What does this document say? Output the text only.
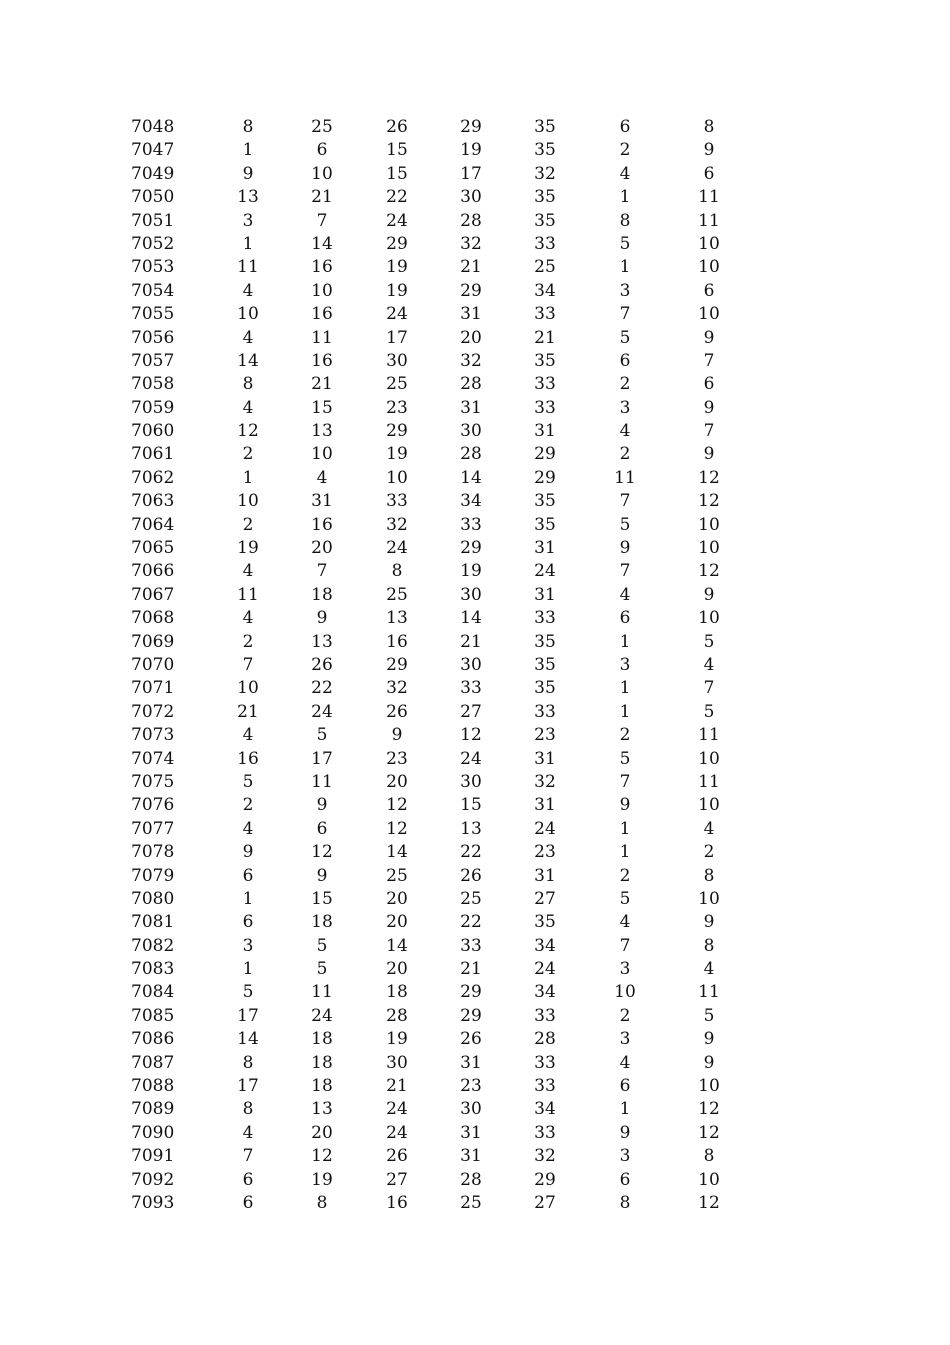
7048	8	25	26	29	35	6	8
7047	1	6	15	19	35	2	9
7049	9	10	15	17	32	4	6
7050	13	21	22	30	35	1	11
7051	3	7	24	28	35	8	11
7052	1	14	29	32	33	5	10
7053	11	16	19	21	25	1	10
7054	4	10	19	29	34	3	6
7055	10	16	24	31	33	7	10
7056	4	11	17	20	21	5	9
7057	14	16	30	32	35	6	7
7058	8	21	25	28	33	2	6
7059	4	15	23	31	33	3	9
7060	12	13	29	30	31	4	7
7061	2	10	19	28	29	2	9
7062	1	4	10	14	29	11	12
7063	10	31	33	34	35	7	12
7064	2	16	32	33	35	5	10
7065	19	20	24	29	31	9	10
7066	4	7	8	19	24	7	12
7067	11	18	25	30	31	4	9
7068	4	9	13	14	33	6	10
7069	2	13	16	21	35	1	5
7070	7	26	29	30	35	3	4
7071	10	22	32	33	35	1	7
7072	21	24	26	27	33	1	5
7073	4	5	9	12	23	2	11
7074	16	17	23	24	31	5	10
7075	5	11	20	30	32	7	11
7076	2	9	12	15	31	9	10
7077	4	6	12	13	24	1	4
7078	9	12	14	22	23	1	2
7079	6	9	25	26	31	2	8
7080	1	15	20	25	27	5	10
7081	6	18	20	22	35	4	9
7082	3	5	14	33	34	7	8
7083	1	5	20	21	24	3	4
7084	5	11	18	29	34	10	11
7085	17	24	28	29	33	2	5
7086	14	18	19	26	28	3	9
7087	8	18	30	31	33	4	9
7088	17	18	21	23	33	6	10
7089	8	13	24	30	34	1	12
7090	4	20	24	31	33	9	12
7091	7	12	26	31	32	3	8
7092	6	19	27	28	29	6	10
7093	6	8	16	25	27	8	12
